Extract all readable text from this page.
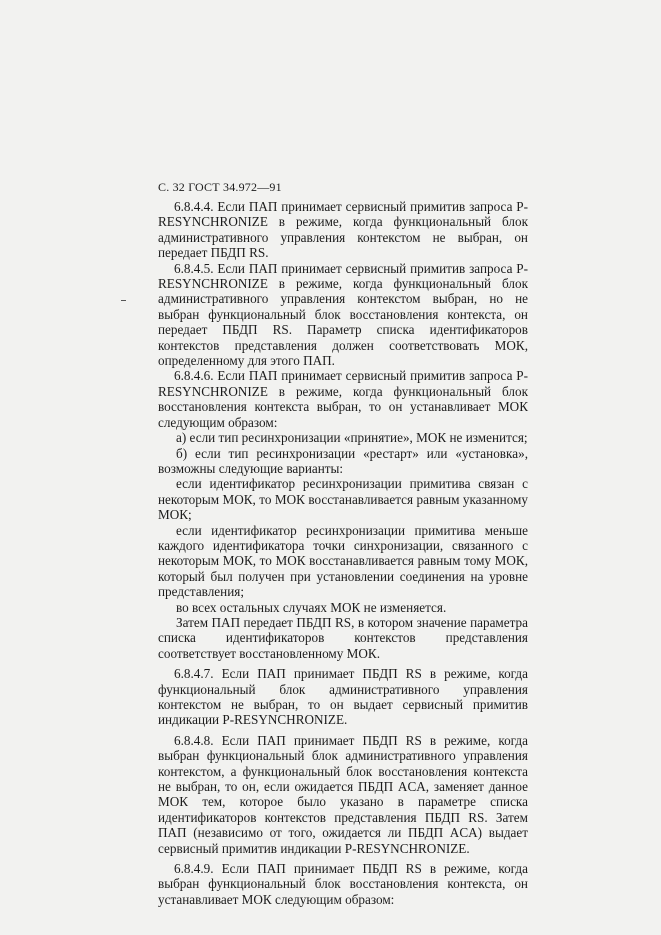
С. 32 ГОСТ 34.972—91

6.8.4.4. Если ПАП принимает сервисный примитив запроса P-RESYNCHRONIZE в режиме, когда функциональный блок административного управления контекстом не выбран, он передает ПБДП RS.

6.8.4.5. Если ПАП принимает сервисный примитив запроса P-RESYNCHRONIZE в режиме, когда функциональный блок административного управления контекстом выбран, но не выбран функциональный блок восстановления контекста, он передает ПБДП RS. Параметр списка идентификаторов контекстов представления должен соответствовать МОК, определенному для этого ПАП.

6.8.4.6. Если ПАП принимает сервисный примитив запроса P-RESYNCHRONIZE в режиме, когда функциональный блок восстановления контекста выбран, то он устанавливает МОК следующим образом:

а) если тип ресинхронизации «принятие», МОК не изменится;

б) если тип ресинхронизации «рестарт» или «установка», возможны следующие варианты:

если идентификатор ресинхронизации примитива связан с некоторым МОК, то МОК восстанавливается равным указанному МОК;

если идентификатор ресинхронизации примитива меньше каждого идентификатора точки синхронизации, связанного с некоторым МОК, то МОК восстанавливается равным тому МОК, который был получен при установлении соединения на уровне представления;

во всех остальных случаях МОК не изменяется.

Затем ПАП передает ПБДП RS, в котором значение параметра списка идентификаторов контекстов представления соответствует восстановленному МОК.

6.8.4.7. Если ПАП принимает ПБДП RS в режиме, когда функциональный блок административного управления контекстом не выбран, то он выдает сервисный примитив индикации P-RESYNCHRONIZE.

6.8.4.8. Если ПАП принимает ПБДП RS в режиме, когда выбран функциональный блок административного управления контекстом, а функциональный блок восстановления контекста не выбран, то он, если ожидается ПБДП ACA, заменяет данное МОК тем, которое было указано в параметре списка идентификаторов контекстов представления ПБДП RS. Затем ПАП (независимо от того, ожидается ли ПБДП ACA) выдает сервисный примитив индикации P-RESYNCHRONIZE.

6.8.4.9. Если ПАП принимает ПБДП RS в режиме, когда выбран функциональный блок восстановления контекста, он устанавливает МОК следующим образом:
